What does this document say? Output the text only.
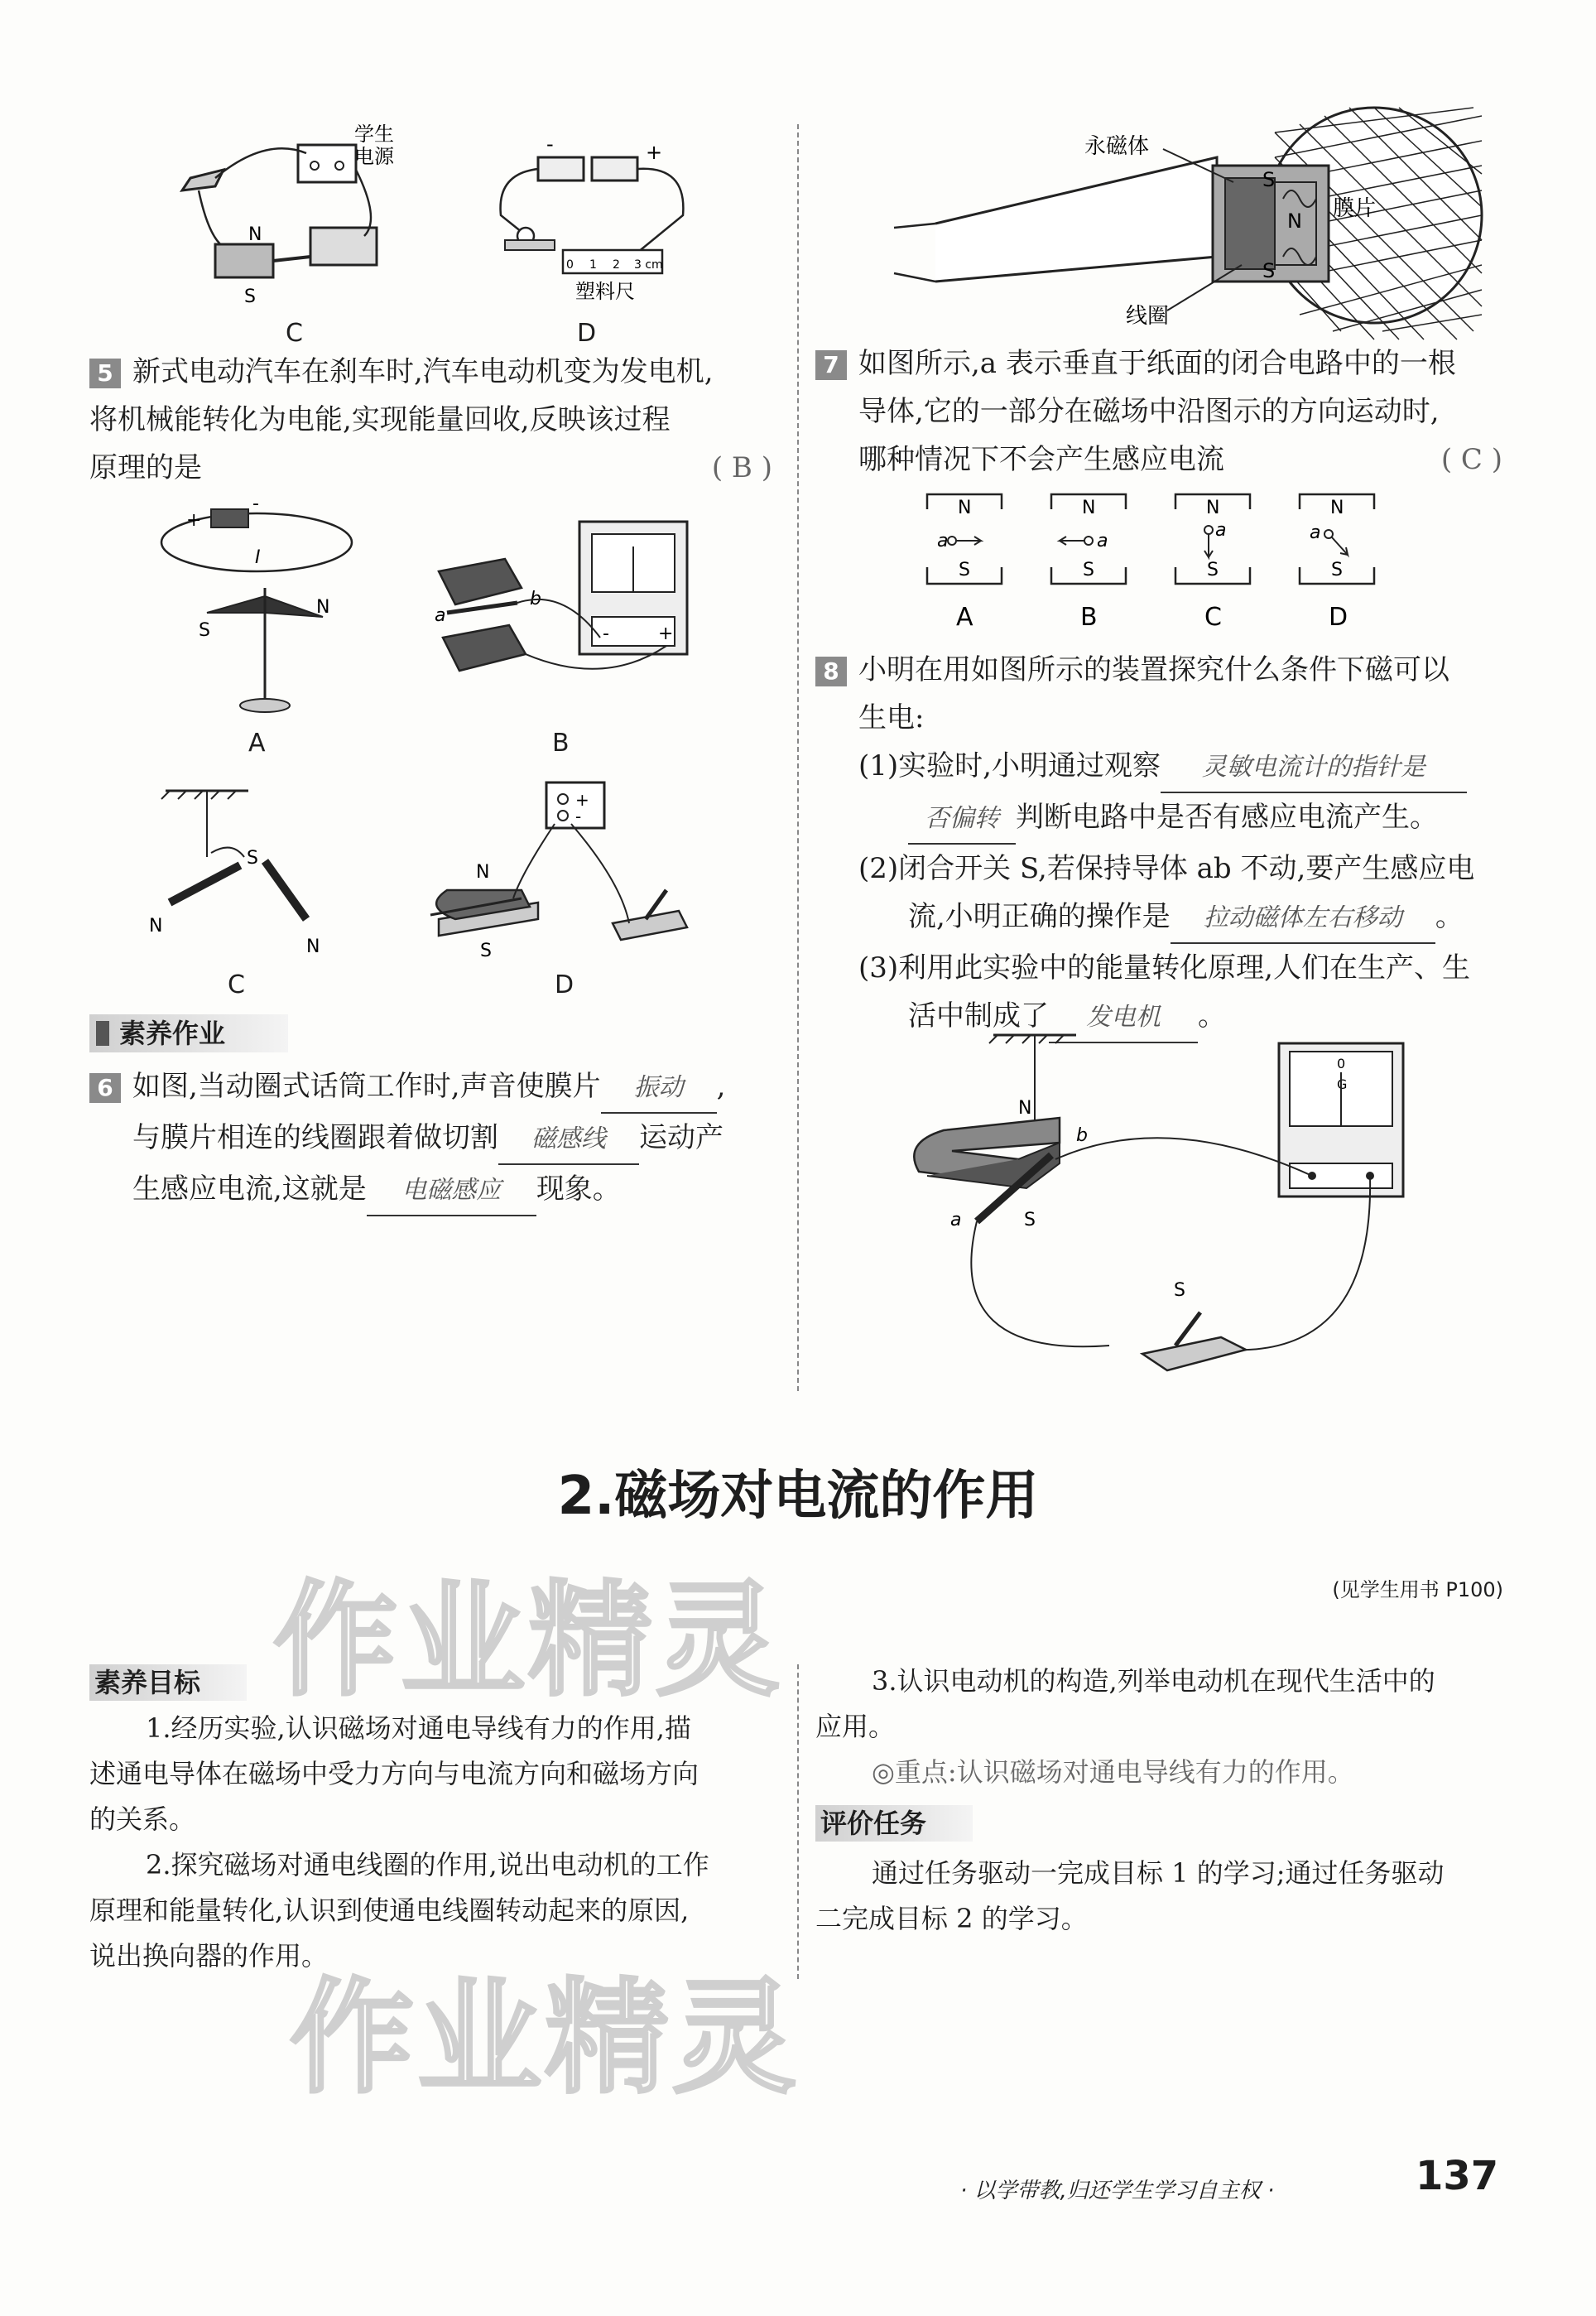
N
S
学生
电源
C
-	+
0 1 2 3 cm
塑料尺
D
5 新式电动汽车在刹车时,汽车电动机变为发电机,
将机械能转化为电能,实现能量回收,反映该过程
原理的是	( B )
+
-
I
S
N
A
a
b
-	+
B
S
N
N
C
+
-
N
S
D
素养作业
6 如图,当动圈式话筒工作时,声音使膜片 振动 ,
与膜片相连的线圈跟着做切割 磁感线 运动产
生感应电流,这就是 电磁感应 现象。
S
N
S
永磁体
膜片
线圈
7 如图所示,a 表示垂直于纸面的闭合电路中的一根
导体,它的一部分在磁场中沿图示的方向运动时,
哪种情况下不会产生感应电流	( C )
N
S
a
A
N
S
a
B
N
S
a
C
N
S
a
D
8 小明在用如图所示的装置探究什么条件下磁可以
生电:
(1)实验时,小明通过观察 灵敏电流计的指针是
否偏转 判断电路中是否有感应电流产生。
(2)闭合开关 S,若保持导体 ab 不动,要产生感应电
流,小明正确的操作是 拉动磁体左右移动 。
(3)利用此实验中的能量转化原理,人们在生产、生
活中制成了 发电机 。
N
a
b
S
0
G
S
2.磁场对电流的作用
(见学生用书 P100)
作业精灵
作业精灵
素养目标
1.经历实验,认识磁场对通电导线有力的作用,描
述通电导体在磁场中受力方向与电流方向和磁场方向
的关系。
2.探究磁场对通电线圈的作用,说出电动机的工作
原理和能量转化,认识到使通电线圈转动起来的原因,
说出换向器的作用。
3.认识电动机的构造,列举电动机在现代生活中的
应用。
◎重点:认识磁场对通电导线有力的作用。
评价任务
通过任务驱动一完成目标 1 的学习;通过任务驱动
二完成目标 2 的学习。
· 以学带教,归还学生学习自主权 ·	137
